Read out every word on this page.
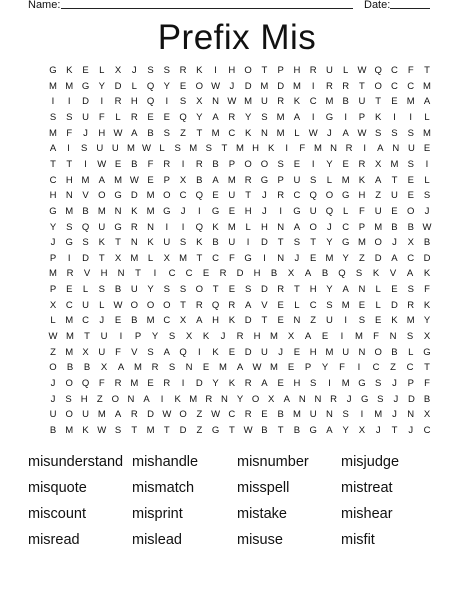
Name:	Date:
Prefix Mis
G K	E	L	X	J	S	S	R	K	I	H O	T	P	H R U	L W Q C	F	T
M M G Y	D	L	Q Y	E O W J	D M D M	I	R R	T	O C C M
I	I	D	I	R H Q	I	S	X	N W M U R	K	C M B	U	T	E M A
S	S	U	F	L	R	E	E Q Y	A	R	Y	S M A	I	G	I	P	K	I	I	L
M F	J	H W A	B	S	Z	T M C	K	N M	L W J	A W S	S	S M
A	I	S U U M W L	S M S	T M H K	I	F M N R	I	A N U E
T	T	I	W E	B	F	R	I	R	B	P O O S	E	I	Y	E	R	X M S	I
C H M A M W E	P	X	B	A M R G P	U	S	L	M K	A	T	E	L
H N	V O G D M O C Q E	U	T	J	R C Q O G H	Z	U	E	S
G M B M N	K M G	J	I	G E	H	J	I	G U Q	L	F	U	E O	J
Y	S Q U G R N	I	I	Q K M	L	H N	A O	J	C	P M B	B W
J	G S	K	T	N	K	U	S	K	B	U	I	D	T	S	T	Y G M O	J	X	B
P	I	D	T	X M	L	X M T	C	F	G	I	N	J	E M Y	Z	D	A	C D
M	R	V	H	N	T	I	C	C	E	R	D	H	B	X	A	B	Q	S	K	V	A	K
P	E	L	S	B	U	Y	S	S O	T	E	S	D R	T	H	Y	A	N	L	E	S	F
X	C U	L W O O O	T	R Q R	A	V	E	L	C	S M E	L	D R	K
L	M C	J	E	B M C	X	A	H	K	D	T	E	N	Z	U	I	S	E	K M Y
W M	T	U	I	P	Y	S	X	K	J	R	H	M	X	A	E	I	M	F	N	S	X
Z M X	U	F	V	S	A Q	I	K	E	D U	J	E	H M U N O B	L	G
O	B	B	X	A	M	R	S	N	E	M	A W M	E	P	Y	F	I	C	Z	C	T
J	O Q	F	R M E	R	I	D	Y	K	R	A	E	H	S	I	M G S	J	P	F
J	S H Z O N A	I	K M R N Y O X A N N R	J	G S	J	D B
U O U M A	R D W O	Z W C R	E	B M U N	S	I	M	J	N	X
B M K W S	T M T	D	Z	G	T W B	T	B G A	Y	X	J	T	J	C
misunderstand mishandle	misnumber misjudge
misquote	mismatch	misspell	mistreat
miscount	misprint	mistake	mishear
misread	mislead	misuse	misfit
